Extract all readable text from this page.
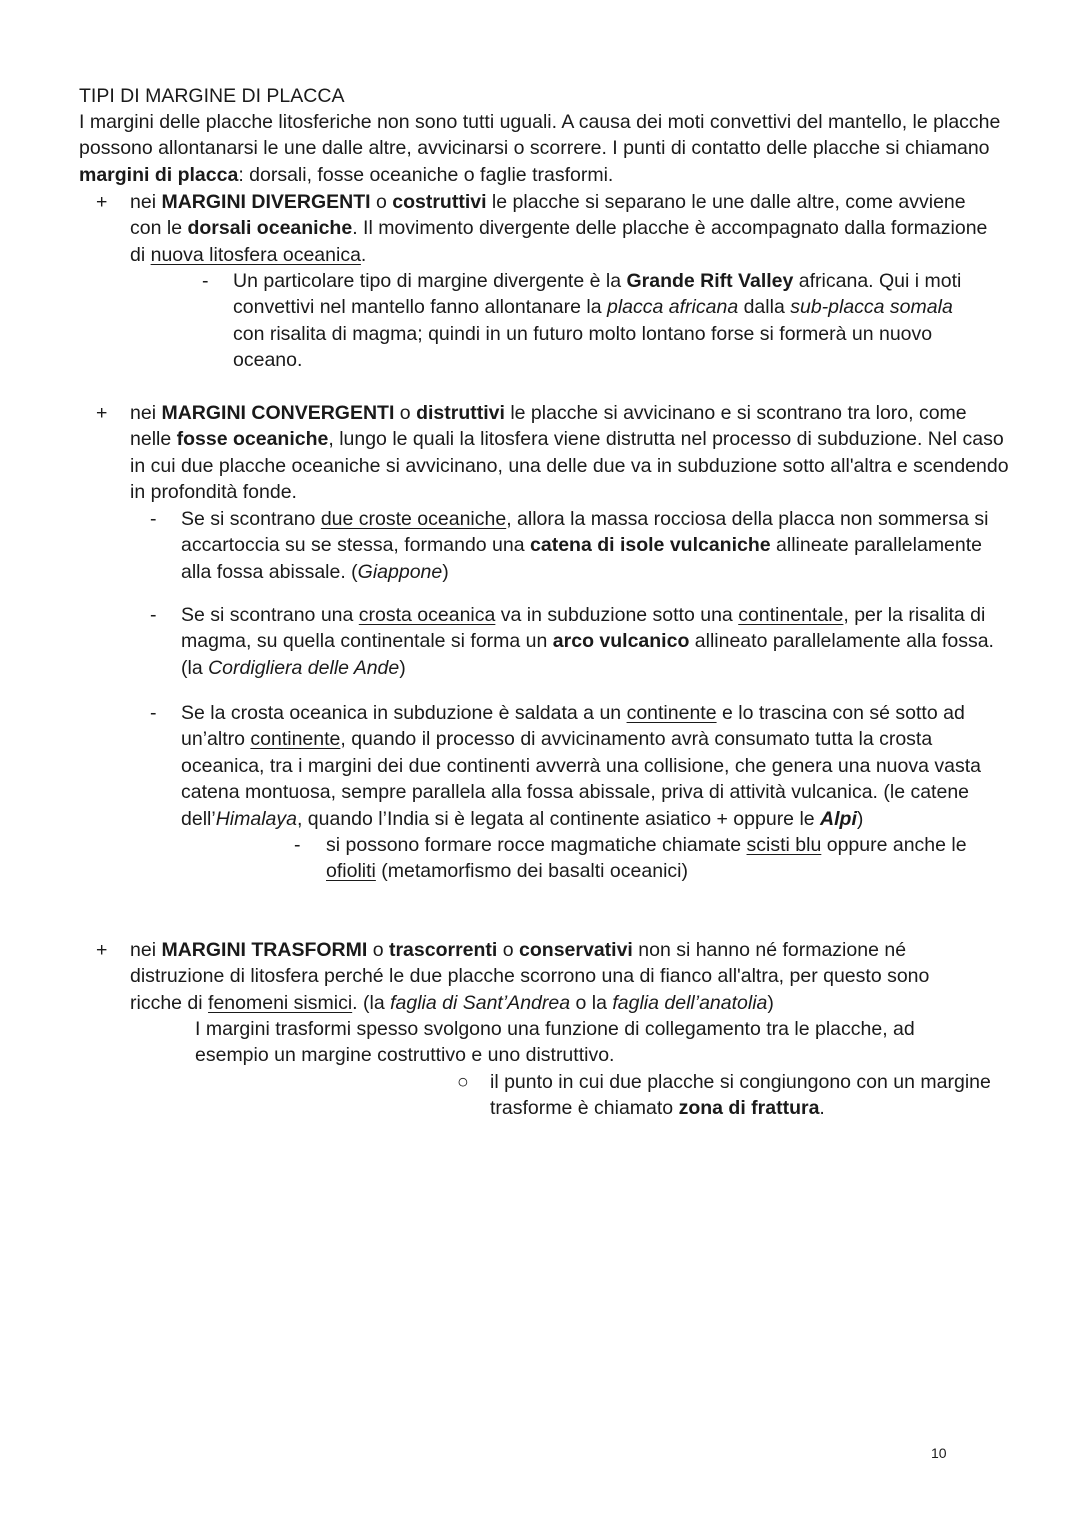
TIPI DI MARGINE DI PLACCA
I margini delle placche litosferiche non sono tutti uguali. A causa dei moti convettivi del mantello, le placche possono allontanarsi le une dalle altre, avvicinarsi o scorrere. I punti di contatto delle placche si chiamano margini di placca: dorsali, fosse oceaniche o faglie trasformi.
+ nei MARGINI DIVERGENTI o costruttivi le placche si separano le une dalle altre, come avviene con le dorsali oceaniche. Il movimento divergente delle placche è accompagnato dalla formazione di nuova litosfera oceanica.
- Un particolare tipo di margine divergente è la Grande Rift Valley africana. Qui i moti convettivi nel mantello fanno allontanare la placca africana dalla sub-placca somala con risalita di magma; quindi in un futuro molto lontano forse si formerà un nuovo oceano.
+ nei MARGINI CONVERGENTI o distruttivi le placche si avvicinano e si scontrano tra loro, come nelle fosse oceaniche, lungo le quali la litosfera viene distrutta nel processo di subduzione. Nel caso in cui due placche oceaniche si avvicinano, una delle due va in subduzione sotto all'altra e scendendo in profondità fonde.
- Se si scontrano due croste oceaniche, allora la massa rocciosa della placca non sommersa si accartoccia su se stessa, formando una catena di isole vulcaniche allineate parallelamente alla fossa abissale. (Giappone)
- Se si scontrano una crosta oceanica va in subduzione sotto una continentale, per la risalita di magma, su quella continentale si forma un arco vulcanico allineato parallelamente alla fossa. (la Cordigliera delle Ande)
- Se la crosta oceanica in subduzione è saldata a un continente e lo trascina con sé sotto ad un’altro continente, quando il processo di avvicinamento avrà consumato tutta la crosta oceanica, tra i margini dei due continenti avverrà una collisione, che genera una nuova vasta catena montuosa, sempre parallela alla fossa abissale, priva di attività vulcanica. (le catene dell’Himalaya, quando l’India si è legata al continente asiatico + oppure le Alpi)
- si possono formare rocce magmatiche chiamate scisti blu oppure anche le ofioliti (metamorfismo dei basalti oceanici)
+ nei MARGINI TRASFORMI o trascorrenti o conservativi non si hanno né formazione né distruzione di litosfera perché le due placche scorrono una di fianco all'altra, per questo sono ricche di fenomeni sismici. (la faglia di Sant’Andrea o la faglia dell’anatolia)
I margini trasformi spesso svolgono una funzione di collegamento tra le placche, ad esempio un margine costruttivo e uno distruttivo.
○ il punto in cui due placche si congiungono con un margine trasforme è chiamato zona di frattura.
10
